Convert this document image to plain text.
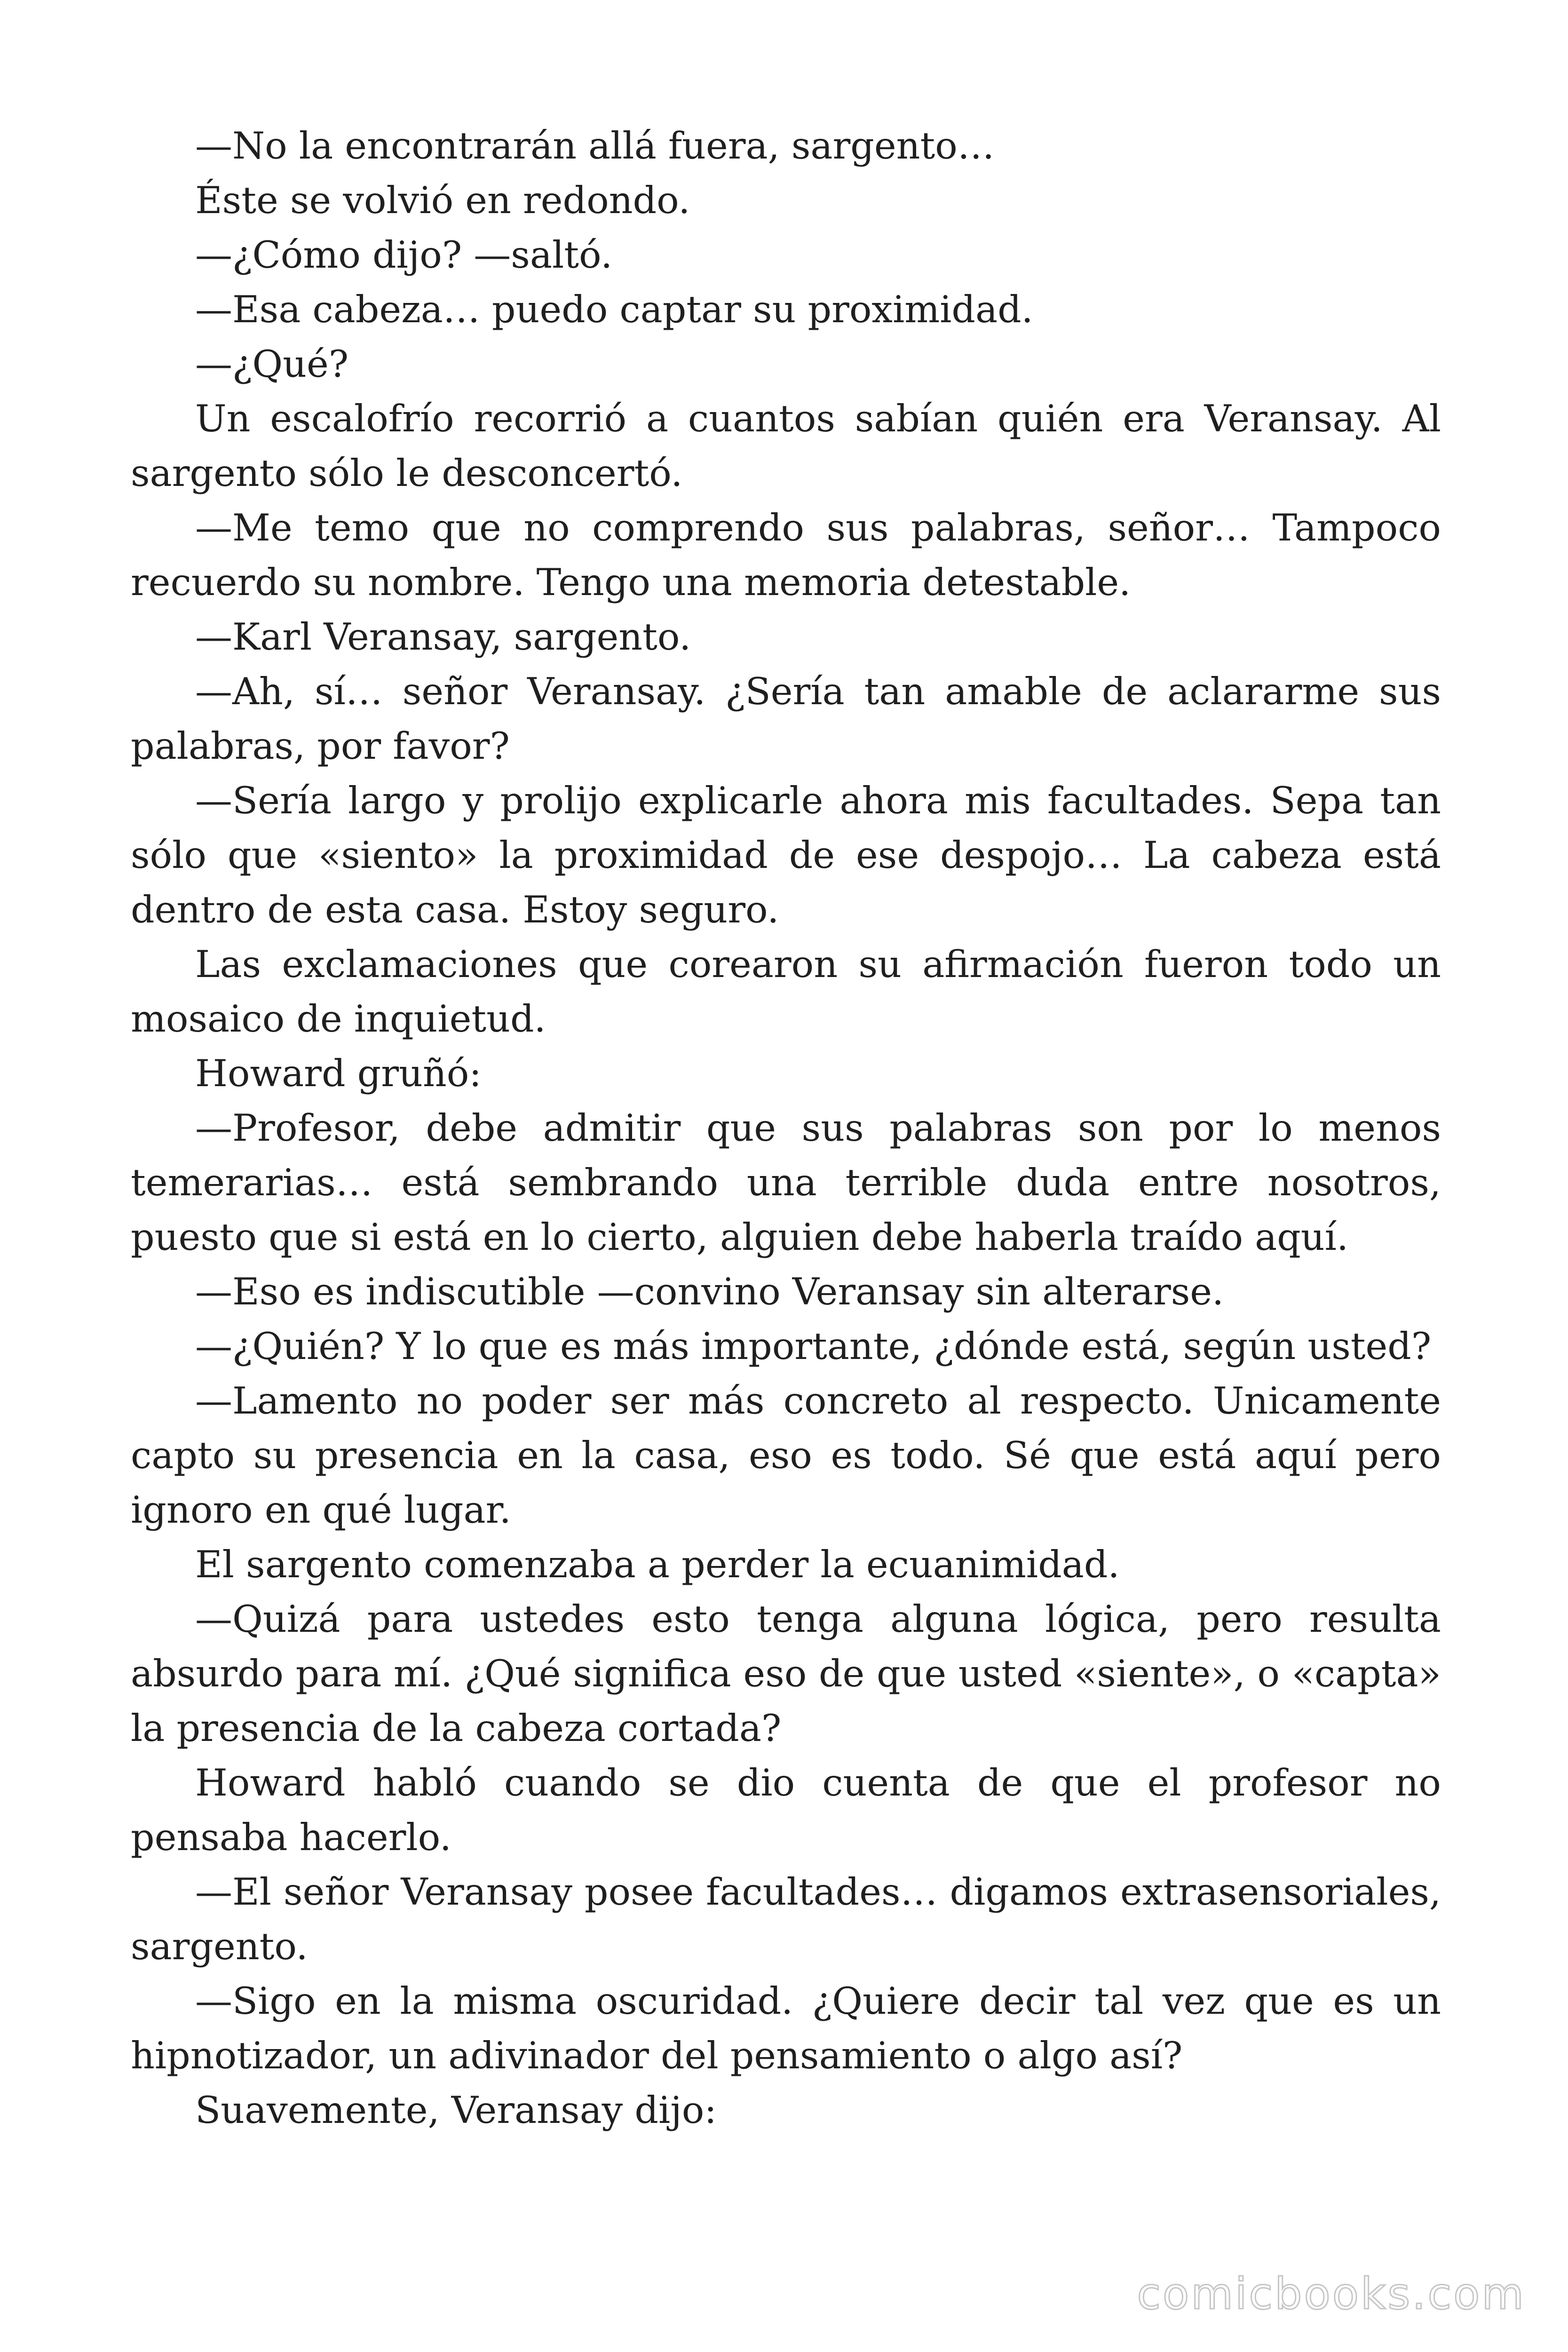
—No la encontrarán allá fuera, sargento…

Éste se volvió en redondo.

—¿Cómo dijo? —saltó.

—Esa cabeza… puedo captar su proximidad.

—¿Qué?

Un escalofrío recorrió a cuantos sabían quién era Veransay. Al sargento sólo le desconcertó.

—Me temo que no comprendo sus palabras, señor… Tampoco recuerdo su nombre. Tengo una memoria detestable.

—Karl Veransay, sargento.

—Ah, sí… señor Veransay. ¿Sería tan amable de aclararme sus palabras, por favor?

—Sería largo y prolijo explicarle ahora mis facultades. Sepa tan sólo que «siento» la proximidad de ese despojo… La cabeza está dentro de esta casa. Estoy seguro.

Las exclamaciones que corearon su afirmación fueron todo un mosaico de inquietud.

Howard gruñó:

—Profesor, debe admitir que sus palabras son por lo menos temerarias… está sembrando una terrible duda entre nosotros, puesto que si está en lo cierto, alguien debe haberla traído aquí.

—Eso es indiscutible —convino Veransay sin alterarse.

—¿Quién? Y lo que es más importante, ¿dónde está, según usted?

—Lamento no poder ser más concreto al respecto. Unicamente capto su presencia en la casa, eso es todo. Sé que está aquí pero ignoro en qué lugar.

El sargento comenzaba a perder la ecuanimidad.

—Quizá para ustedes esto tenga alguna lógica, pero resulta absurdo para mí. ¿Qué significa eso de que usted «siente», o «capta» la presencia de la cabeza cortada?

Howard habló cuando se dio cuenta de que el profesor no pensaba hacerlo.

—El señor Veransay posee facultades… digamos extrasensoriales, sargento.

—Sigo en la misma oscuridad. ¿Quiere decir tal vez que es un hipnotizador, un adivinador del pensamiento o algo así?

Suavemente, Veransay dijo:

comicbooks.com
